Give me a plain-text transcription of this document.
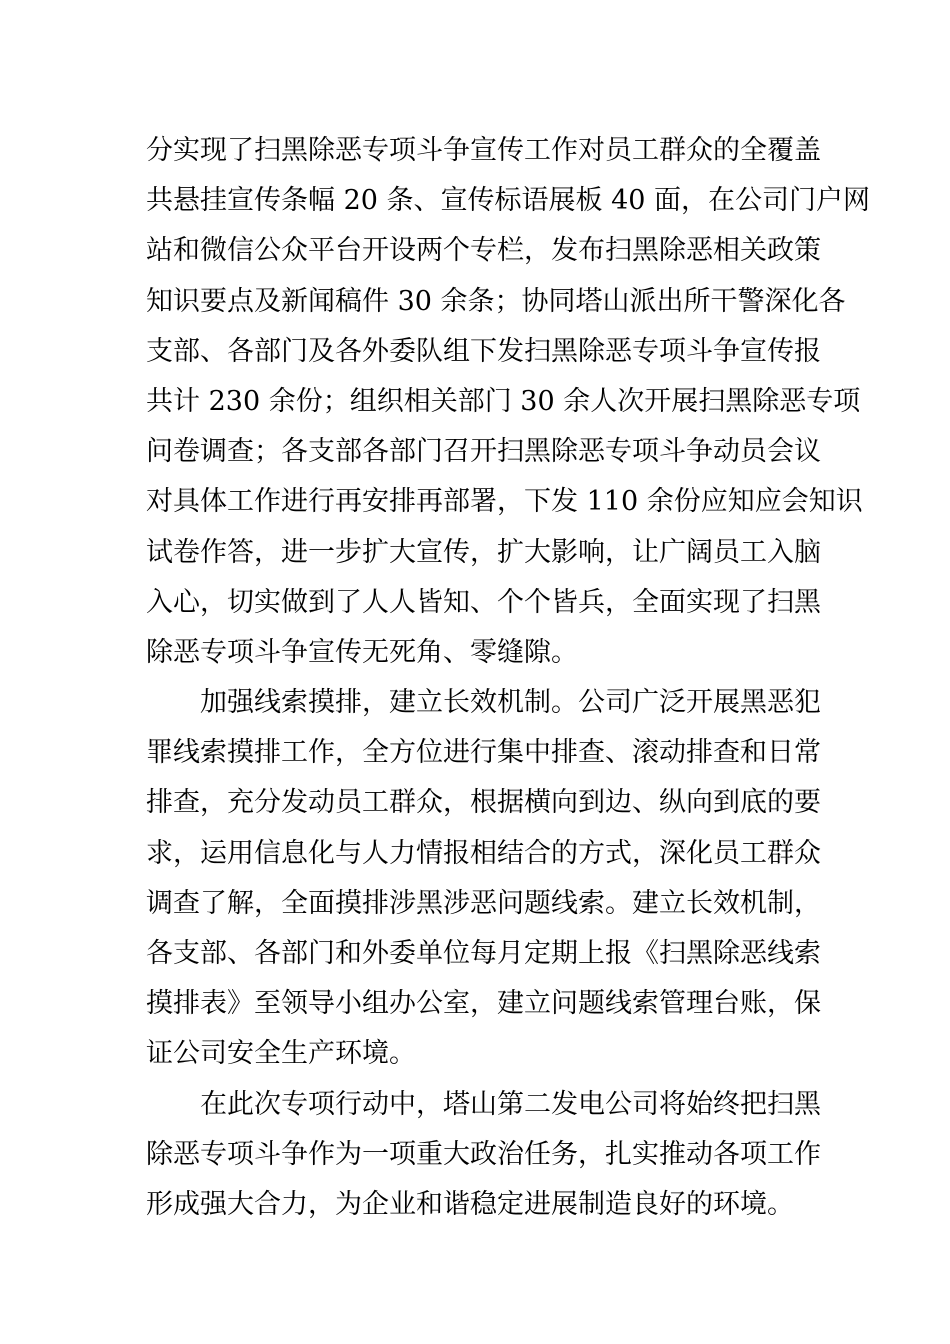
分实现了扫黑除恶专项斗争宣传工作对员工群众的全覆盖
共悬挂宣传条幅 20 条、宣传标语展板 40 面，在公司门户网
站和微信公众平台开设两个专栏，发布扫黑除恶相关政策
知识要点及新闻稿件 30 余条；协同塔山派出所干警深化各
支部、各部门及各外委队组下发扫黑除恶专项斗争宣传报
共计 230 余份；组织相关部门 30 余人次开展扫黑除恶专项
问卷调查；各支部各部门召开扫黑除恶专项斗争动员会议
对具体工作进行再安排再部署，下发 110 余份应知应会知识
试卷作答，进一步扩大宣传，扩大影响，让广阔员工入脑
入心，切实做到了人人皆知、个个皆兵，全面实现了扫黑
除恶专项斗争宣传无死角、零缝隙。
加强线索摸排，建立长效机制。公司广泛开展黑恶犯
罪线索摸排工作，全方位进行集中排查、滚动排查和日常
排查，充分发动员工群众，根据横向到边、纵向到底的要
求，运用信息化与人力情报相结合的方式，深化员工群众
调查了解，全面摸排涉黑涉恶问题线索。建立长效机制，
各支部、各部门和外委单位每月定期上报《扫黑除恶线索
摸排表》至领导小组办公室，建立问题线索管理台账，保
证公司安全生产环境。
在此次专项行动中，塔山第二发电公司将始终把扫黑
除恶专项斗争作为一项重大政治任务，扎实推动各项工作
形成强大合力，为企业和谐稳定进展制造良好的环境。
